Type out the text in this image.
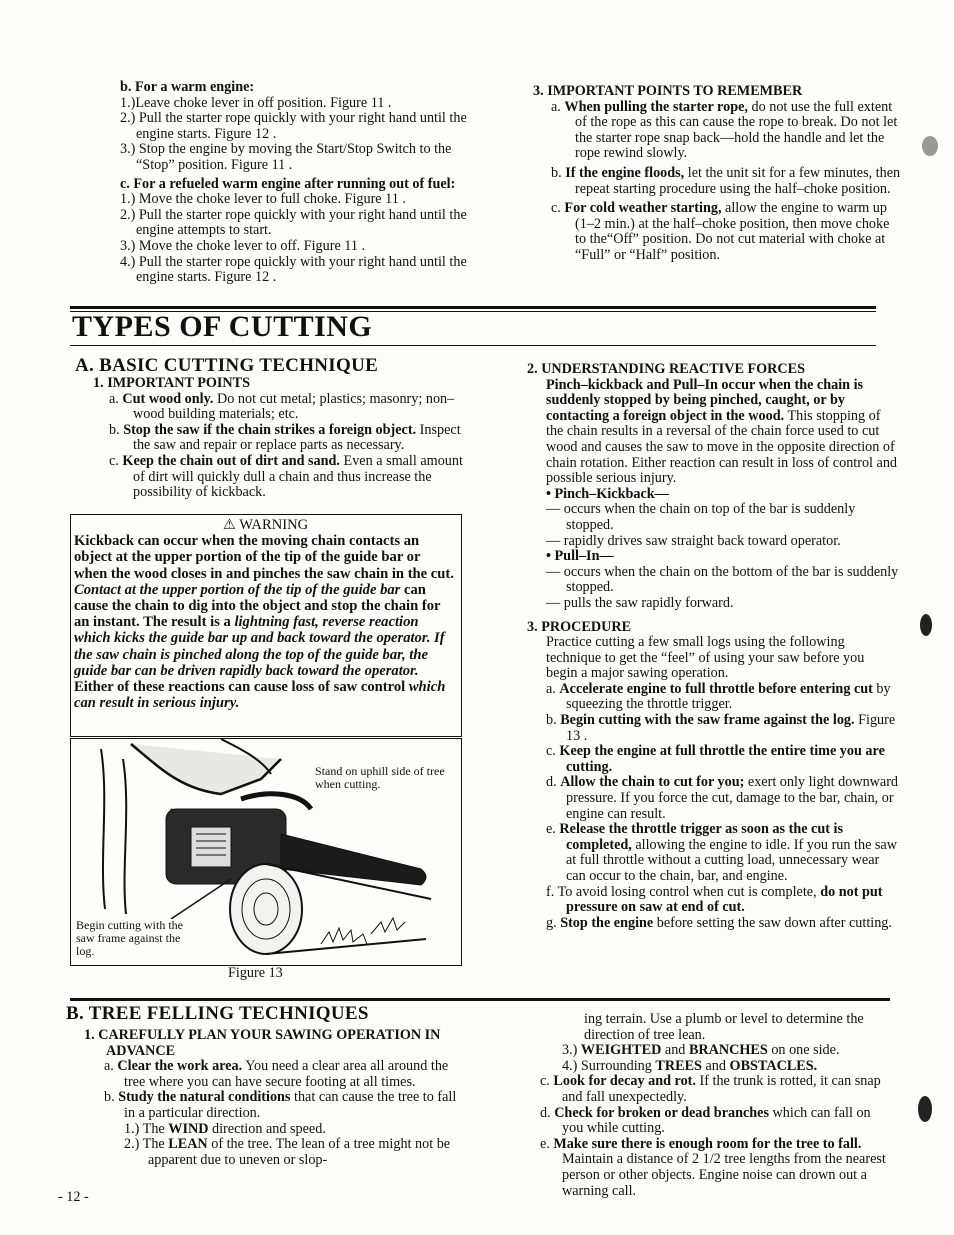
b. For a warm engine:

1.)Leave choke lever in off position. Figure 11 .

2.) Pull the starter rope quickly with your right hand until the engine starts. Figure 12 .

3.) Stop the engine by moving the Start/Stop Switch to the “Stop” position. Figure 11 .

c. For a refueled warm engine after running out of fuel:

1.) Move the choke lever to full choke. Figure 11 .

2.) Pull the starter rope quickly with your right hand until the engine attempts to start.

3.) Move the choke lever to off. Figure 11 .

4.) Pull the starter rope quickly with your right hand until the engine starts. Figure 12 .

3. IMPORTANT POINTS TO REMEMBER

a. When pulling the starter rope, do not use the full extent of the rope as this can cause the rope to break. Do not let the starter rope snap back—hold the handle and let the rope rewind slowly.

b. If the engine floods, let the unit sit for a few minutes, then repeat starting procedure using the half–choke position.

c. For cold weather starting, allow the engine to warm up (1–2 min.) at the half–choke position, then move choke to the“Off” position. Do not cut material with choke at “Full” or “Half” position.

TYPES OF CUTTING
A. BASIC CUTTING TECHNIQUE

1. IMPORTANT POINTS

a. Cut wood only. Do not cut metal; plastics; masonry; non–wood building materials; etc.

b. Stop the saw if the chain strikes a foreign object. Inspect the saw and repair or replace parts as necessary.

c. Keep the chain out of dirt and sand. Even a small amount of dirt will quickly dull a chain and thus increase the possibility of kickback.

⚠ WARNING
Kickback can occur when the moving chain contacts an object at the upper portion of the tip of the guide bar or when the wood closes in and pinches the saw chain in the cut. Contact at the upper portion of the tip of the guide bar can cause the chain to dig into the object and stop the chain for an instant. The result is a lightning fast, reverse reaction which kicks the guide bar up and back toward the operator. If the saw chain is pinched along the top of the guide bar, the guide bar can be driven rapidly back toward the operator. Either of these reactions can cause loss of saw control which can result in serious injury.
Stand on uphill side of tree when cutting.
Begin cutting with the saw frame against the log.
Figure 13

2. UNDERSTANDING REACTIVE FORCES

Pinch–kickback and Pull–In occur when the chain is suddenly stopped by being pinched, caught, or by contacting a foreign object in the wood. This stopping of the chain results in a reversal of the chain force used to cut wood and causes the saw to move in the opposite direction of chain rotation. Either reaction can result in loss of control and possible serious injury.

• Pinch–Kickback––

— occurs when the chain on top of the bar is suddenly stopped.

— rapidly drives saw straight back toward operator.

• Pull–In––

— occurs when the chain on the bottom of the bar is suddenly stopped.

— pulls the saw rapidly forward.

3. PROCEDURE

Practice cutting a few small logs using the following technique to get the “feel” of using your saw before you begin a major sawing operation.

a. Accelerate engine to full throttle before entering cut by squeezing the throttle trigger.

b. Begin cutting with the saw frame against the log. Figure 13 .

c. Keep the engine at full throttle the entire time you are cutting.

d. Allow the chain to cut for you; exert only light downward pressure. If you force the cut, damage to the bar, chain, or engine can result.

e. Release the throttle trigger as soon as the cut is completed, allowing the engine to idle. If you run the saw at full throttle without a cutting load, unnecessary wear can occur to the chain, bar, and engine.

f. To avoid losing control when cut is complete, do not put pressure on saw at end of cut.

g. Stop the engine before setting the saw down after cutting.

B. TREE FELLING TECHNIQUES

1. CAREFULLY PLAN YOUR SAWING OPERATION IN ADVANCE

a. Clear the work area. You need a clear area all around the tree where you can have secure footing at all times.

b. Study the natural conditions that can cause the tree to fall in a particular direction.

1.) The WIND direction and speed.

2.) The LEAN of the tree. The lean of a tree might not be apparent due to uneven or slop-

ing terrain. Use a plumb or level to determine the direction of tree lean.

3.) WEIGHTED and BRANCHES on one side.

4.) Surrounding TREES and OBSTACLES.

c. Look for decay and rot. If the trunk is rotted, it can snap and fall unexpectedly.

d. Check for broken or dead branches which can fall on you while cutting.

e. Make sure there is enough room for the tree to fall. Maintain a distance of 2 1/2 tree lengths from the nearest person or other objects. Engine noise can drown out a warning call.

- 12 -
